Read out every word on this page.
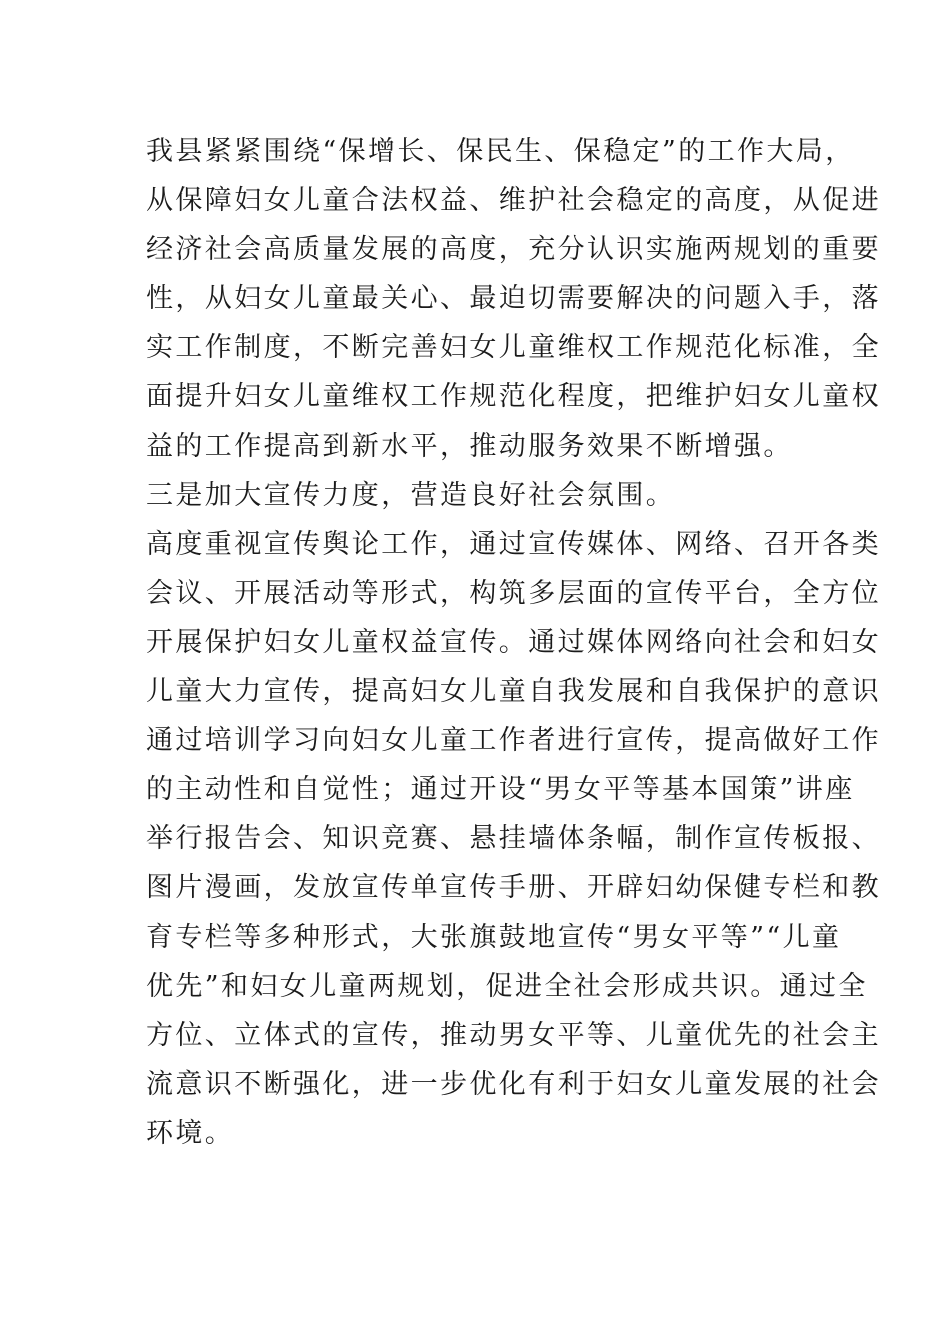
我县紧紧围绕“保增长、保民生、保稳定”的工作大局，
从保障妇女儿童合法权益、维护社会稳定的高度，从促进
经济社会高质量发展的高度，充分认识实施两规划的重要
性，从妇女儿童最关心、最迫切需要解决的问题入手，落
实工作制度，不断完善妇女儿童维权工作规范化标准，全
面提升妇女儿童维权工作规范化程度，把维护妇女儿童权
益的工作提高到新水平，推动服务效果不断增强。
三是加大宣传力度，营造良好社会氛围。
高度重视宣传舆论工作，通过宣传媒体、网络、召开各类
会议、开展活动等形式，构筑多层面的宣传平台，全方位
开展保护妇女儿童权益宣传。通过媒体网络向社会和妇女
儿童大力宣传，提高妇女儿童自我发展和自我保护的意识
通过培训学习向妇女儿童工作者进行宣传，提高做好工作
的主动性和自觉性；通过开设“男女平等基本国策”讲座
举行报告会、知识竞赛、悬挂墙体条幅，制作宣传板报、
图片漫画，发放宣传单宣传手册、开辟妇幼保健专栏和教
育专栏等多种形式，大张旗鼓地宣传“男女平等”“儿童
优先”和妇女儿童两规划，促进全社会形成共识。通过全
方位、立体式的宣传，推动男女平等、儿童优先的社会主
流意识不断强化，进一步优化有利于妇女儿童发展的社会
环境。
